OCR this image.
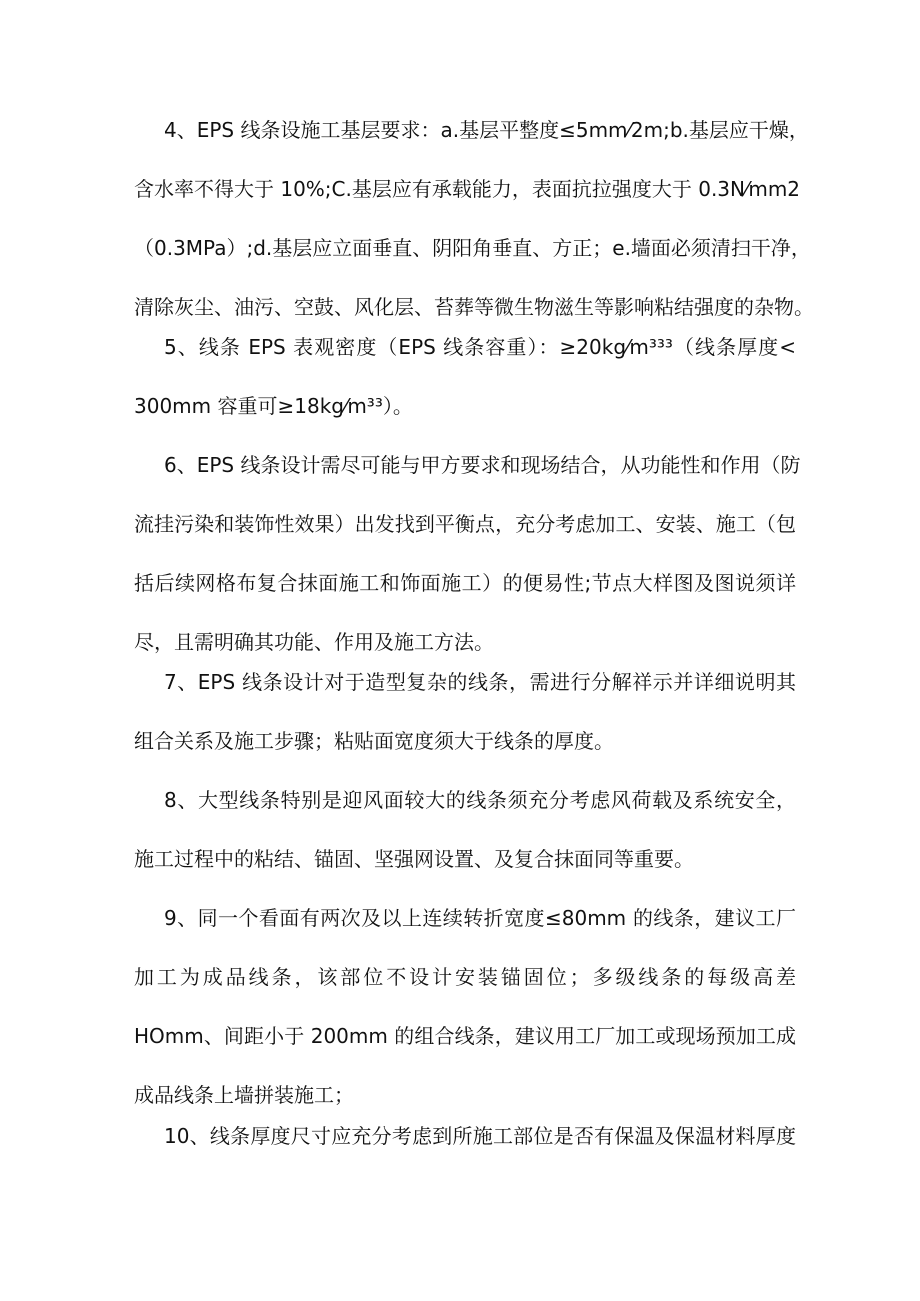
4、EPS 线条设施工基层要求：a.基层平整度≤5mm⁄2m;b.基层应干燥，
含水率不得大于 10%;C.基层应有承载能力，表面抗拉强度大于 0.3N⁄mm2
（0.3MPa）;d.基层应立面垂直、阴阳角垂直、方正；e.墙面必须清扫干净，
清除灰尘、油污、空鼓、风化层、苔葬等微生物滋生等影响粘结强度的杂物。
5、线条 EPS 表观密度（EPS 线条容重）：≥20kg⁄m³³³（线条厚度<
300mm 容重可≥18kg⁄m³³）。
6、EPS 线条设计需尽可能与甲方要求和现场结合，从功能性和作用（防
流挂污染和装饰性效果）出发找到平衡点，充分考虑加工、安装、施工（包
括后续网格布复合抹面施工和饰面施工）的便易性;节点大样图及图说须详
尽，且需明确其功能、作用及施工方法。
7、EPS 线条设计对于造型复杂的线条，需进行分解祥示并详细说明其
组合关系及施工步骤；粘贴面宽度须大于线条的厚度。
8、大型线条特别是迎风面较大的线条须充分考虑风荷载及系统安全，
施工过程中的粘结、锚固、坚强网设置、及复合抹面同等重要。
9、同一个看面有两次及以上连续转折宽度≤80mm 的线条，建议工厂
加工为成品线条，该部位不设计安装锚固位；多级线条的每级高差
HOmm、间距小于 200mm 的组合线条，建议用工厂加工或现场预加工成
成品线条上墙拼装施工；
10、线条厚度尺寸应充分考虑到所施工部位是否有保温及保温材料厚度
